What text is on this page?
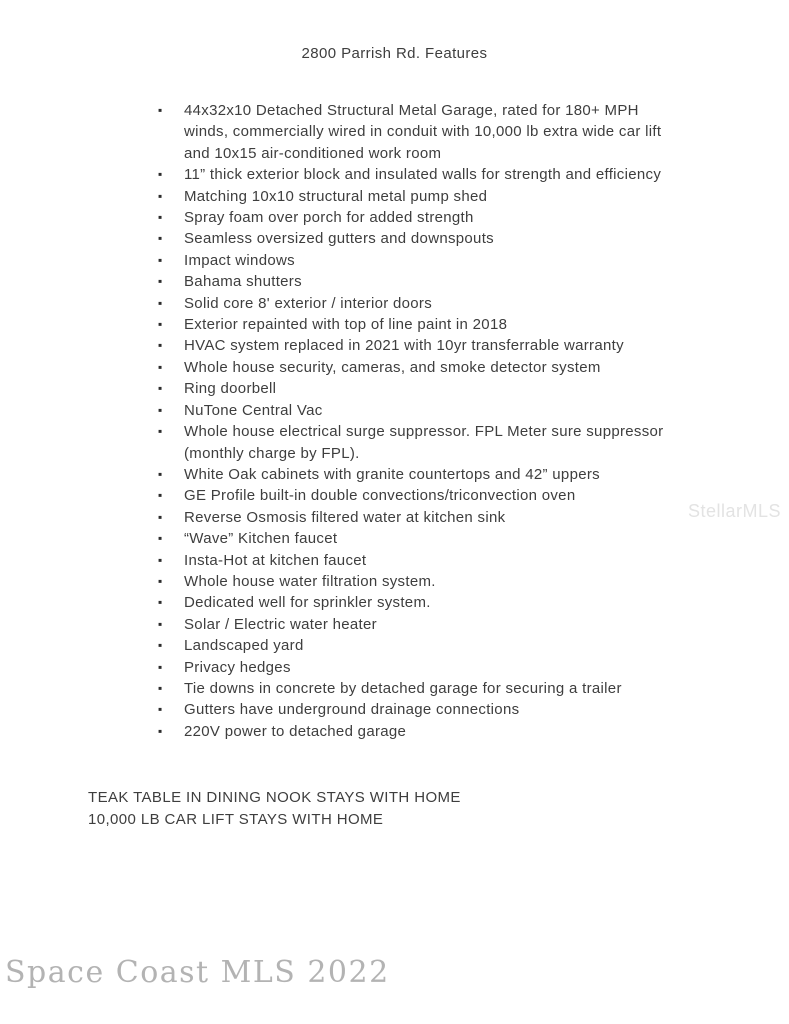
2800 Parrish Rd. Features
▪	44x32x10 Detached Structural Metal Garage, rated for 180+ MPH winds, commercially wired in conduit with 10,000 lb extra wide car lift and 10x15 air-conditioned work room
▪	11” thick exterior block and insulated walls for strength and efficiency
▪	Matching 10x10 structural metal pump shed
▪	Spray foam over porch for added strength
▪	Seamless oversized gutters and downspouts
▪	Impact windows
▪	Bahama shutters
▪	Solid core 8' exterior / interior doors
▪	Exterior repainted with top of line paint in 2018
▪	HVAC system replaced in 2021 with 10yr transferrable warranty
▪	Whole house security, cameras, and smoke detector system
▪	Ring doorbell
▪	NuTone Central Vac
▪	Whole house electrical surge suppressor. FPL Meter sure suppressor (monthly charge by FPL).
▪	White Oak cabinets with granite countertops and 42” uppers
▪	GE Profile built-in double convections/triconvection oven
▪	Reverse Osmosis filtered water at kitchen sink
▪	“Wave” Kitchen faucet
▪	Insta-Hot at kitchen faucet
▪	Whole house water filtration system.
▪	Dedicated well for sprinkler system.
▪	Solar / Electric water heater
▪	Landscaped yard
▪	Privacy hedges
▪	Tie downs in concrete by detached garage for securing a trailer
▪	Gutters have underground drainage connections
▪	220V power to detached garage
TEAK TABLE IN DINING NOOK STAYS WITH HOME
10,000 LB CAR LIFT STAYS WITH HOME
StellarMLS
Space Coast MLS 2022
